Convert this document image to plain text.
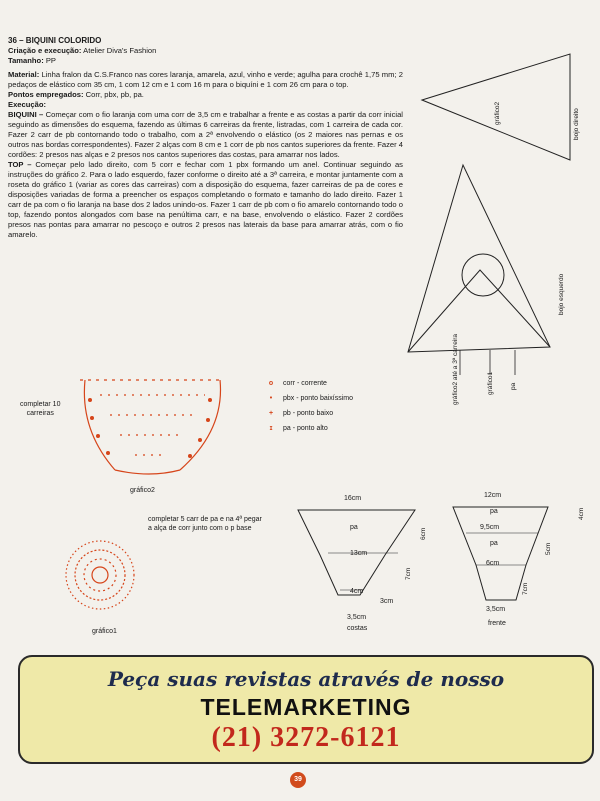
36 – BIQUINI COLORIDO

Criação e execução: Atelier Diva's Fashion

Tamanho: PP

Material: Linha fralon da C.S.Franco nas cores laranja, amarela, azul, vinho e verde; agulha para crochê 1,75 mm; 2 pedaços de elástico com 35 cm, 1 com 12 cm e 1 com 16 m para o biquíni e 1 com 26 cm para o top.

Pontos empregados: Corr, pbx, pb, pa.

Execução:

BIQUINI – Começar com o fio laranja com uma corr de 3,5 cm e trabalhar a frente e as costas a partir da corr inicial seguindo as dimensões do esquema, fazendo as últimas 6 carreiras da frente, listradas, com 1 carreira de cada cor. Fazer 2 carr de pb contornando todo o trabalho, com a 2ª envolvendo o elástico (os 2 maiores nas pernas e os outros nas bordas correspondentes). Fazer 2 alças com 8 cm e 1 corr de pb nos cantos superiores da frente. Fazer 4 cordões: 2 presos nas alças e 2 presos nos cantos superiores das costas, para amarrar nos lados.

TOP – Começar pelo lado direito, com 5 corr e fechar com 1 pbx formando um anel. Continuar seguindo as instruções do gráfico 2. Para o lado esquerdo, fazer conforme o direito até a 3ª carreira, e montar juntamente com a roseta do gráfico 1 (variar as cores das carreiras) com a disposição do esquema, fazer carreiras de pa de cores e disposições variadas de forma a preencher os espaços completando o formato e tamanho do lado direito. Fazer 1 carr de pa com o fio laranja na base dos 2 lados unindo-os. Fazer 1 carr de pb com o fio amarelo contornando todo o top, fazendo pontos alongados com base na penúltima carr, e na base, envolvendo o elástico. Fazer 2 cordões presos nas pontas para amarrar no pescoço e outros 2 presos nas laterais da base para amarrar atrás, com o fio amarelo.

gráfico2	bojo direito
bojo esquerdo
gráfico2 até a 3ª carreira	gráfico1 pa
completar 10
carreiras
gráfico2
o	corr - corrente
•	pbx - ponto baixíssimo
+	pb - ponto baixo
ɪ	pa - ponto alto
completar 5 carr de pa e na 4ª pegar a alça de corr junto com o p base
gráfico1
16cm
pa
13cm
6cm
7cm
4cm
3cm
3,5cm
costas
12cm
pa
9,5cm
pa
6cm
4cm
5cm
7cm
3,5cm
frente
Peça suas revistas através de nosso
TELEMARKETING
(21) 3272-6121
39
